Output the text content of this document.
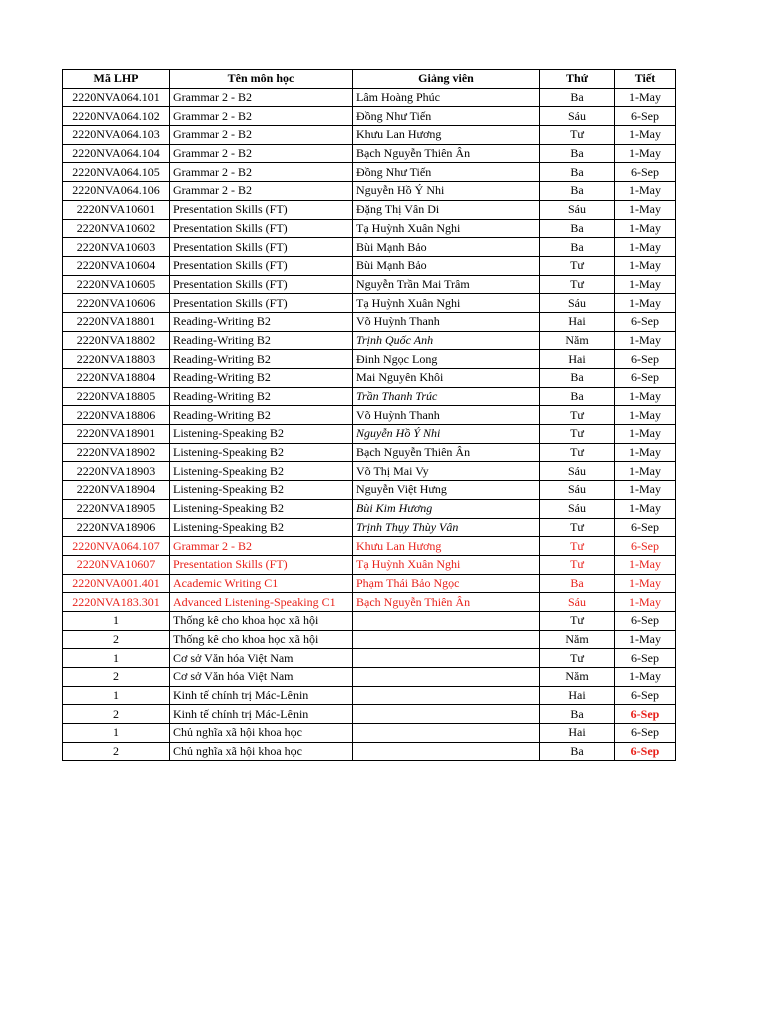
Mã LHP	Tên môn học	Giảng viên	Thứ	Tiết
2220NVA064.101	Grammar 2 - B2	Lâm Hoàng Phúc	Ba	1-May
2220NVA064.102	Grammar 2 - B2	Đồng Như Tiến	Sáu	6-Sep
2220NVA064.103	Grammar 2 - B2	Khưu Lan Hương	Tư	1-May
2220NVA064.104	Grammar 2 - B2	Bạch Nguyễn Thiên Ân	Ba	1-May
2220NVA064.105	Grammar 2 - B2	Đồng Như Tiến	Ba	6-Sep
2220NVA064.106	Grammar 2 - B2	Nguyễn Hồ Ý Nhi	Ba	1-May
2220NVA10601	Presentation Skills (FT)	Đặng Thị Vân Di	Sáu	1-May
2220NVA10602	Presentation Skills (FT)	Tạ Huỳnh Xuân Nghi	Ba	1-May
2220NVA10603	Presentation Skills (FT)	Bùi Mạnh Bảo	Ba	1-May
2220NVA10604	Presentation Skills (FT)	Bùi Mạnh Bảo	Tư	1-May
2220NVA10605	Presentation Skills (FT)	Nguyễn Trần Mai Trâm	Tư	1-May
2220NVA10606	Presentation Skills (FT)	Tạ Huỳnh Xuân Nghi	Sáu	1-May
2220NVA18801	Reading-Writing B2	Võ Huỳnh Thanh	Hai	6-Sep
2220NVA18802	Reading-Writing B2	Trịnh Quốc Anh	Năm	1-May
2220NVA18803	Reading-Writing B2	Đinh Ngọc Long	Hai	6-Sep
2220NVA18804	Reading-Writing B2	Mai Nguyên Khôi	Ba	6-Sep
2220NVA18805	Reading-Writing B2	Trần Thanh Trúc	Ba	1-May
2220NVA18806	Reading-Writing B2	Võ Huỳnh Thanh	Tư	1-May
2220NVA18901	Listening-Speaking B2	Nguyễn Hồ Ý Nhi	Tư	1-May
2220NVA18902	Listening-Speaking B2	Bạch Nguyễn Thiên Ân	Tư	1-May
2220NVA18903	Listening-Speaking B2	Võ Thị Mai Vy	Sáu	1-May
2220NVA18904	Listening-Speaking B2	Nguyễn Việt Hưng	Sáu	1-May
2220NVA18905	Listening-Speaking B2	Bùi Kim Hương	Sáu	1-May
2220NVA18906	Listening-Speaking B2	Trịnh Thụy Thùy Vân	Tư	6-Sep
2220NVA064.107	Grammar 2 - B2	Khưu Lan Hương	Tư	6-Sep
2220NVA10607	Presentation Skills (FT)	Tạ Huỳnh Xuân Nghi	Tư	1-May
2220NVA001.401	Academic Writing C1	Phạm Thái Bảo Ngọc	Ba	1-May
2220NVA183.301	Advanced Listening-Speaking C1	Bạch Nguyễn Thiên Ân	Sáu	1-May
1	Thống kê cho khoa học xã hội		Tư	6-Sep
2	Thống kê cho khoa học xã hội		Năm	1-May
1	Cơ sở Văn hóa Việt Nam		Tư	6-Sep
2	Cơ sở Văn hóa Việt Nam		Năm	1-May
1	Kinh tế chính trị Mác-Lênin		Hai	6-Sep
2	Kinh tế chính trị Mác-Lênin		Ba	6-Sep
1	Chủ nghĩa xã hội khoa học		Hai	6-Sep
2	Chủ nghĩa xã hội khoa học		Ba	6-Sep
